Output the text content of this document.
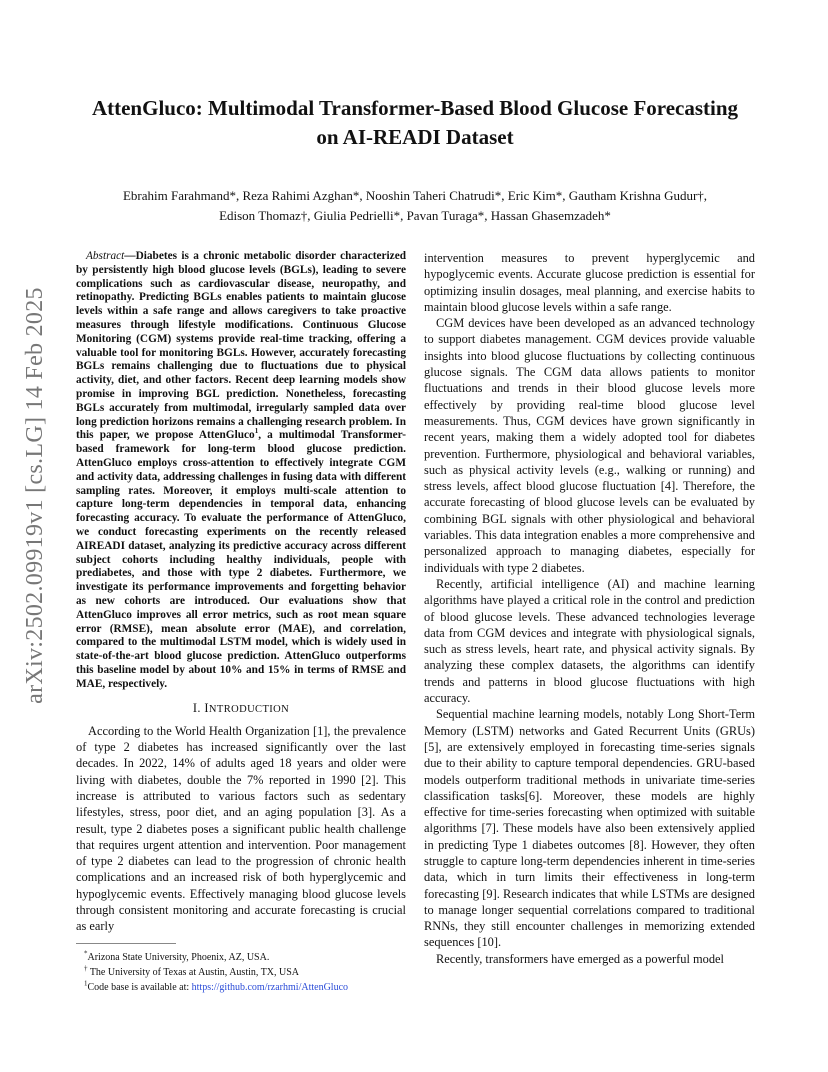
arXiv:2502.09919v1 [cs.LG] 14 Feb 2025
AttenGluco: Multimodal Transformer-Based Blood Glucose Forecasting
on AI-READI Dataset
Ebrahim Farahmand*, Reza Rahimi Azghan*, Nooshin Taheri Chatrudi*, Eric Kim*, Gautham Krishna Gudur†,
Edison Thomaz†, Giulia Pedrielli*, Pavan Turaga*, Hassan Ghasemzadeh*
Abstract—Diabetes is a chronic metabolic disorder characterized by persistently high blood glucose levels (BGLs), leading to severe complications such as cardiovascular disease, neuropathy, and retinopathy. Predicting BGLs enables patients to maintain glucose levels within a safe range and allows caregivers to take proactive measures through lifestyle modifications. Continuous Glucose Monitoring (CGM) systems provide real-time tracking, offering a valuable tool for monitoring BGLs. However, accurately forecasting BGLs remains challenging due to fluctuations due to physical activity, diet, and other factors. Recent deep learning models show promise in improving BGL prediction. Nonetheless, forecasting BGLs accurately from multimodal, irregularly sampled data over long prediction horizons remains a challenging research problem. In this paper, we propose AttenGluco$^1$, a multimodal Transformer-based framework for long-term blood glucose prediction. AttenGluco employs cross-attention to effectively integrate CGM and activity data, addressing challenges in fusing data with different sampling rates. Moreover, it employs multi-scale attention to capture long-term dependencies in temporal data, enhancing forecasting accuracy. To evaluate the performance of AttenGluco, we conduct forecasting experiments on the recently released AIREADI dataset, analyzing its predictive accuracy across different subject cohorts including healthy individuals, people with prediabetes, and those with type 2 diabetes. Furthermore, we investigate its performance improvements and forgetting behavior as new cohorts are introduced. Our evaluations show that AttenGluco improves all error metrics, such as root mean square error (RMSE), mean absolute error (MAE), and correlation, compared to the multimodal LSTM model, which is widely used in state-of-the-art blood glucose prediction. AttenGluco outperforms this baseline model by about 10% and 15% in terms of RMSE and MAE, respectively.
I. INTRODUCTION

According to the World Health Organization [1], the prevalence of type 2 diabetes has increased significantly over the last decades. In 2022, 14% of adults aged 18 years and older were living with diabetes, double the 7% reported in 1990 [2]. This increase is attributed to various factors such as sedentary lifestyles, stress, poor diet, and an aging population [3]. As a result, type 2 diabetes poses a significant public health challenge that requires urgent attention and intervention. Poor management of type 2 diabetes can lead to the progression of chronic health complications and an increased risk of both hyperglycemic and hypoglycemic events. Effectively managing blood glucose levels through consistent monitoring and accurate forecasting is crucial as early

intervention measures to prevent hyperglycemic and hypoglycemic events. Accurate glucose prediction is essential for optimizing insulin dosages, meal planning, and exercise habits to maintain blood glucose levels within a safe range.

CGM devices have been developed as an advanced technology to support diabetes management. CGM devices provide valuable insights into blood glucose fluctuations by collecting continuous glucose signals. The CGM data allows patients to monitor fluctuations and trends in their blood glucose levels more effectively by providing real-time blood glucose level measurements. Thus, CGM devices have grown significantly in recent years, making them a widely adopted tool for diabetes prevention. Furthermore, physiological and behavioral variables, such as physical activity levels (e.g., walking or running) and stress levels, affect blood glucose fluctuation [4]. Therefore, the accurate forecasting of blood glucose levels can be evaluated by combining BGL signals with other physiological and behavioral variables. This data integration enables a more comprehensive and personalized approach to managing diabetes, especially for individuals with type 2 diabetes.

Recently, artificial intelligence (AI) and machine learning algorithms have played a critical role in the control and prediction of blood glucose levels. These advanced technologies leverage data from CGM devices and integrate with physiological signals, such as stress levels, heart rate, and physical activity signals. By analyzing these complex datasets, the algorithms can identify trends and patterns in blood glucose fluctuations with high accuracy.

Sequential machine learning models, notably Long Short-Term Memory (LSTM) networks and Gated Recurrent Units (GRUs) [5], are extensively employed in forecasting time-series signals due to their ability to capture temporal dependencies. GRU-based models outperform traditional methods in univariate time-series classification tasks[6]. Moreover, these models are highly effective for time-series forecasting when optimized with suitable algorithms [7]. These models have also been extensively applied in predicting Type 1 diabetes outcomes [8]. However, they often struggle to capture long-term dependencies inherent in time-series data, which in turn limits their effectiveness in long-term forecasting [9]. Research indicates that while LSTMs are designed to manage longer sequential correlations compared to traditional RNNs, they still encounter challenges in memorizing extended sequences [10].

Recently, transformers have emerged as a powerful model

*Arizona State University, Phoenix, AZ, USA.

† The University of Texas at Austin, Austin, TX, USA

$^1$Code base is available at: https://github.com/rzarhmi/AttenGluco
